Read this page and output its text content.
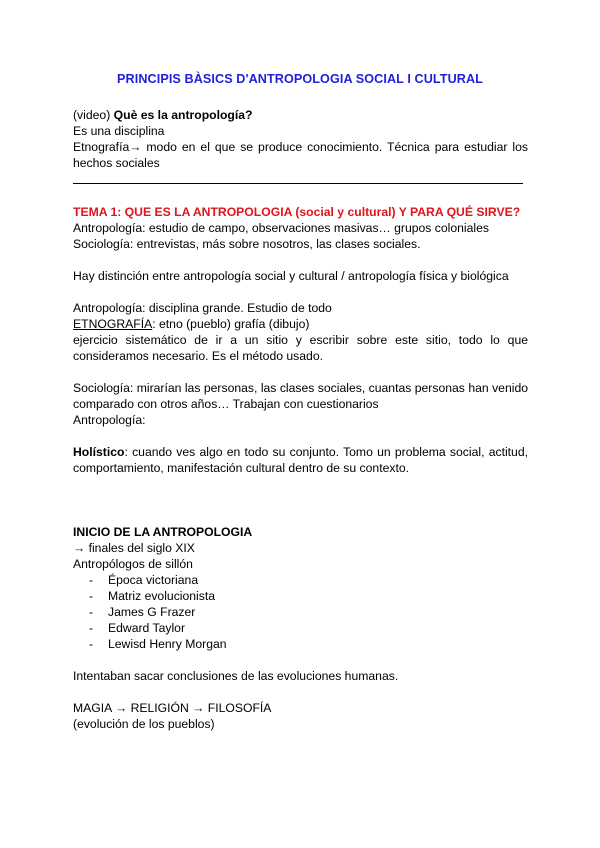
PRINCIPIS BÀSICS D'ANTROPOLOGIA SOCIAL I CULTURAL
(video) Què es la antropología?
Es una disciplina
Etnografía→ modo en el que se produce conocimiento. Técnica para estudiar los
hechos sociales
TEMA 1: QUE ES LA ANTROPOLOGIA (social y cultural) Y PARA QUÉ SIRVE?
Antropología: estudio de campo, observaciones masivas… grupos coloniales
Sociología: entrevistas, más sobre nosotros, las clases sociales.
Hay distinción entre antropología social y cultural / antropología física y biológica
Antropología: disciplina grande. Estudio de todo
ETNOGRAFÍA: etno (pueblo) grafía (dibujo)
ejercicio sistemático de ir a un sitio y escribir sobre este sitio, todo lo que
consideramos necesario. Es el método usado.
Sociología: mirarían las personas, las clases sociales, cuantas personas han venido
comparado con otros años… Trabajan con cuestionarios
Antropología:
Holístico: cuando ves algo en todo su conjunto. Tomo un problema social, actitud,
comportamiento, manifestación cultural dentro de su contexto.
INICIO DE LA ANTROPOLOGIA
→ finales del siglo XIX
Antropólogos de sillón
- Época victoriana
- Matriz evolucionista
- James G Frazer
- Edward Taylor
- Lewisd Henry Morgan
Intentaban sacar conclusiones de las evoluciones humanas.
MAGIA → RELIGIÓN → FILOSOFÍA
(evolución de los pueblos)
